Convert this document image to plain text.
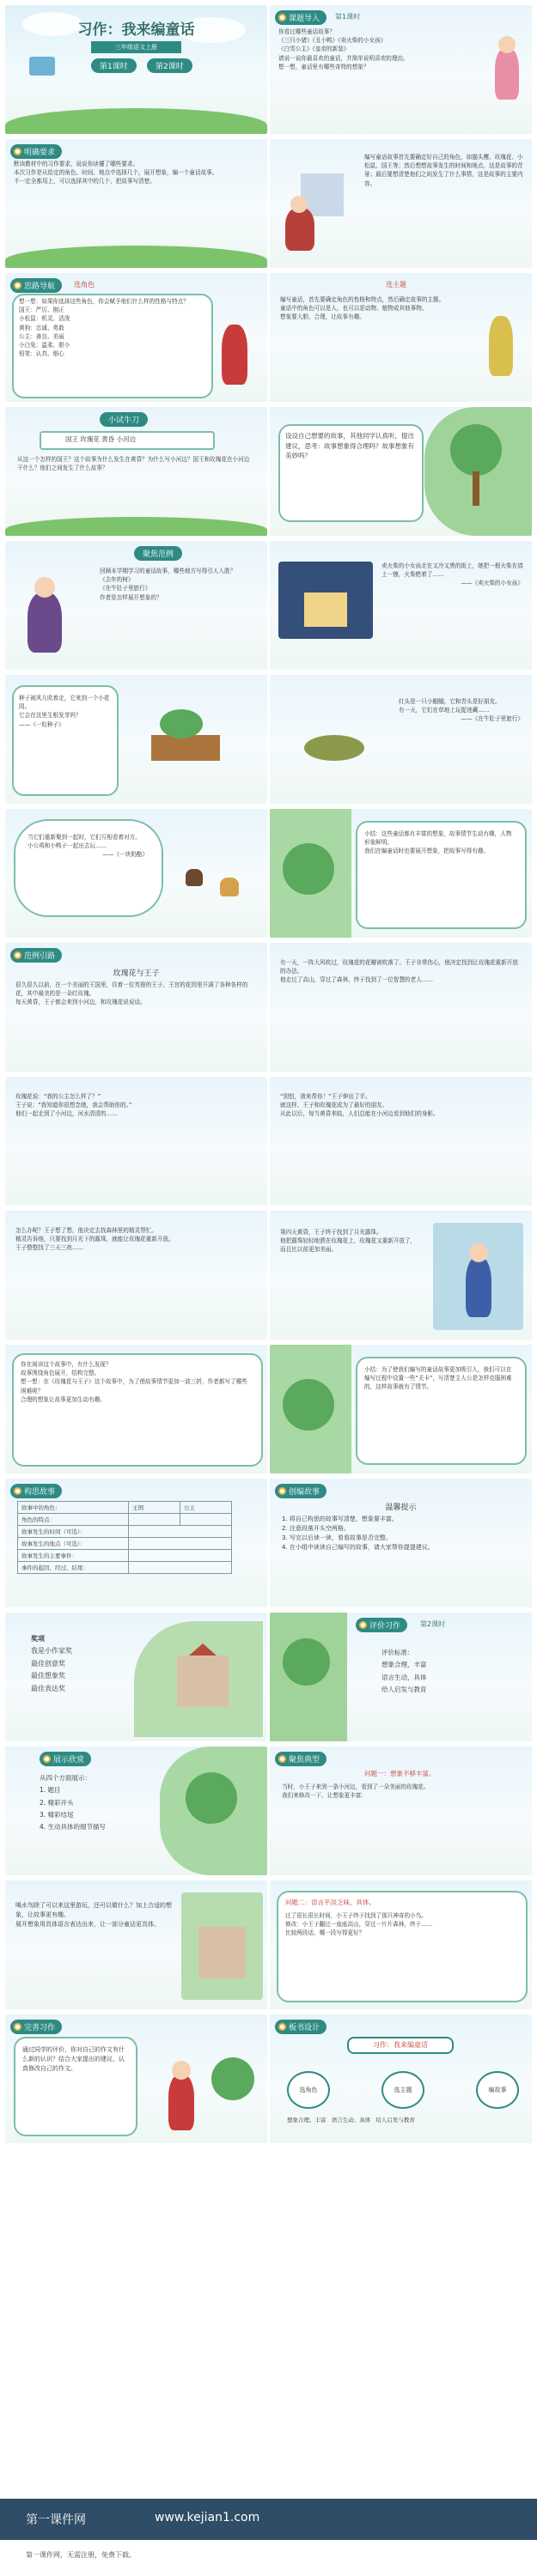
习作：我来编童话
三年级语文上册
第1课时	第2课时
课题导入 第1课时

你看过哪些童话故事？

《三只小猪》《丑小鸭》《卖火柴的小女孩》

《白雪公主》《皇帝的新装》

请说一说你最喜欢的童话，并简单说明喜欢的理由。

想一想，童话里有哪些奇特的想象？

明确要求

默读教材中的习作要求，说说你读懂了哪些要求。

本次习作是从给定的角色、时间、地点中选择几个，展开想象，编一个童话故事。

不一定全都用上，可以选择其中的几个，把故事写清楚。

编写童话故事首先要确定好自己的角色，如猫头鹰、玫瑰花、小松鼠、国王等；然后想想故事发生的时间和地点，这是故事的背景；最后要想清楚他们之间发生了什么事情，这是故事的主要内容。

思路导航	选角色

想一想：如果你选择这些角色，你会赋予他们什么样的性格与特点？

国王：严厉、刚正

小松鼠：机灵、活泼

黄狗：忠诚、勇敢

公主：善良、美丽

小白兔：温柔、胆小

铅笔：认真、细心

选主题

编写童话，首先要确定角色的性格和特点，然后确定故事的主题。

童话中的角色可以是人，也可以是动物、植物或其他事物。

想象要大胆、合理，让故事有趣。

小试牛刀
国王 玫瑰花 黄昏 小河边

从这一个怎样的国王？这个故事为什么发生在黄昏？为什么写小河边？国王和玫瑰花在小河边干什么？他们之间发生了什么故事？

设设自己想要的故事，其他同学认真听，提出建议，思考：故事想象得合理吗？故事想象有美妙吗？

聚焦范例

回顾本学期学习的童话故事，哪些地方写得引人入胜？

《去年的树》

《在牛肚子里旅行》

作者是怎样展开想象的？

卖火柴的小女孩走在又冷又黑的街上，她把一根火柴在墙上一擦，火柴燃着了……

——《卖火柴的小女孩》

种子被风儿吹着走，它来到一个小花园。

它会在这里生根发芽吗？

——《一粒种子》

红头是一只小蝈蝈，它和青头是好朋友。

有一天，它们在草地上玩捉迷藏……

——《在牛肚子里旅行》

当它们重新聚到一起时，它们互相看着对方。

小公鸡和小鸭子一起出去玩……

——《一块奶酪》

小结：这些童话都有丰富的想象，故事情节生动有趣，人物形象鲜明。

我们在编童话时也要展开想象，把故事写得有趣。

范例引路
玫瑰花与王子

很久很久以前，在一个美丽的王国里，住着一位英俊的王子。王宫的花园里开满了各种各样的花，其中最美的是一朵红玫瑰。

每天黄昏，王子都会来到小河边，和玫瑰花说说话。

有一天，一阵大风吹过，玫瑰花的花瓣被吹落了。王子非常伤心，他决定找到让玫瑰花重新开放的办法。

他走过了高山，穿过了森林，终于找到了一位智慧的老人……

玫瑰花说：“我的公主怎么样了？”

王子说：“我知道你很想念她，我会帮助你的。”

他们一起走到了小河边，河水清清的……

“别怕，我来帮你！”王子伸出了手。

就这样，王子和玫瑰花成为了最好的朋友。

从此以后，每当黄昏来临，人们总能在小河边看到他们的身影。

怎么办呢？王子想了想，他决定去找森林里的精灵帮忙。

精灵告诉他，只要找到月光下的露珠，就能让玫瑰花重新开放。

王子整整找了三天三夜……

第四天黄昏，王子终于找到了月光露珠。

他把露珠轻轻地洒在玫瑰花上，玫瑰花又重新开放了，而且比以前更加美丽。

你在阅读这个故事中，有什么发现？

故事围绕角色展开，结构完整。

想一想：在《玫瑰花与王子》这个故事中，为了使故事情节更加一波三折，作者都写了哪些困难呢？

合理的想象让故事更加生动有趣。

小结：为了使我们编写的童话故事更加吸引人，我们可以在编写过程中设置一些“关卡”，写清楚主人公是怎样克服困难的，这样故事就有了情节。

构思故事
故事中的角色：	王国	公主
角色的特点：		
故事发生的时间（可选）：		
故事发生的地点（可选）：		
故事发生的主要事件：		
事件的起因、经过、结果：		
创编故事
温馨提示

1. 将自己构思的故事写清楚，想象要丰富。

2. 注意段落开头空两格。

3. 写完以后读一读，看看故事是否完整。

4. 在小组中读读自己编写的故事，请大家帮你提提建议。

奖项

我是小作家奖

最佳创意奖

最佳想象奖

最佳表达奖

评价习作	第2课时

评价标准：

想象合理，丰富

语言生动，具体

给人启发与教育

展示欣赏

从四个方面展示：

1. 题目

2. 精彩开头

3. 精彩结尾

4. 生动具体的细节描写

聚焦典型
问题一：想象不够丰富。

当时，小王子来到一条小河边，看到了一朵美丽的玫瑰花。

我们来修改一下，让想象更丰富：

喝水鸟除了可以来这里游玩，还可以做什么？加上合适的想象，让故事更有趣。

展开想象用具体语言表达出来，让一部分童话更具体。

问题二：语言平淡乏味，具体。

过了很长很长时间，小王子终于找到了那只神奇的小鸟。

修改：小王子翻过一座座高山，穿过一片片森林，终于……

比较两段话，哪一段写得更好？

完善习作

通过同学的评价，你对自己的作文有什么新的认识？结合大家提出的建议，认真修改自己的作文。

板书设计
习作：我来编童话
选角色	选主题	编故事
想象合理、丰富 语言生动、具体 给人启发与教育
第一课件网	www.kejian1.com
第一课件网，无需注册，免费下载。
